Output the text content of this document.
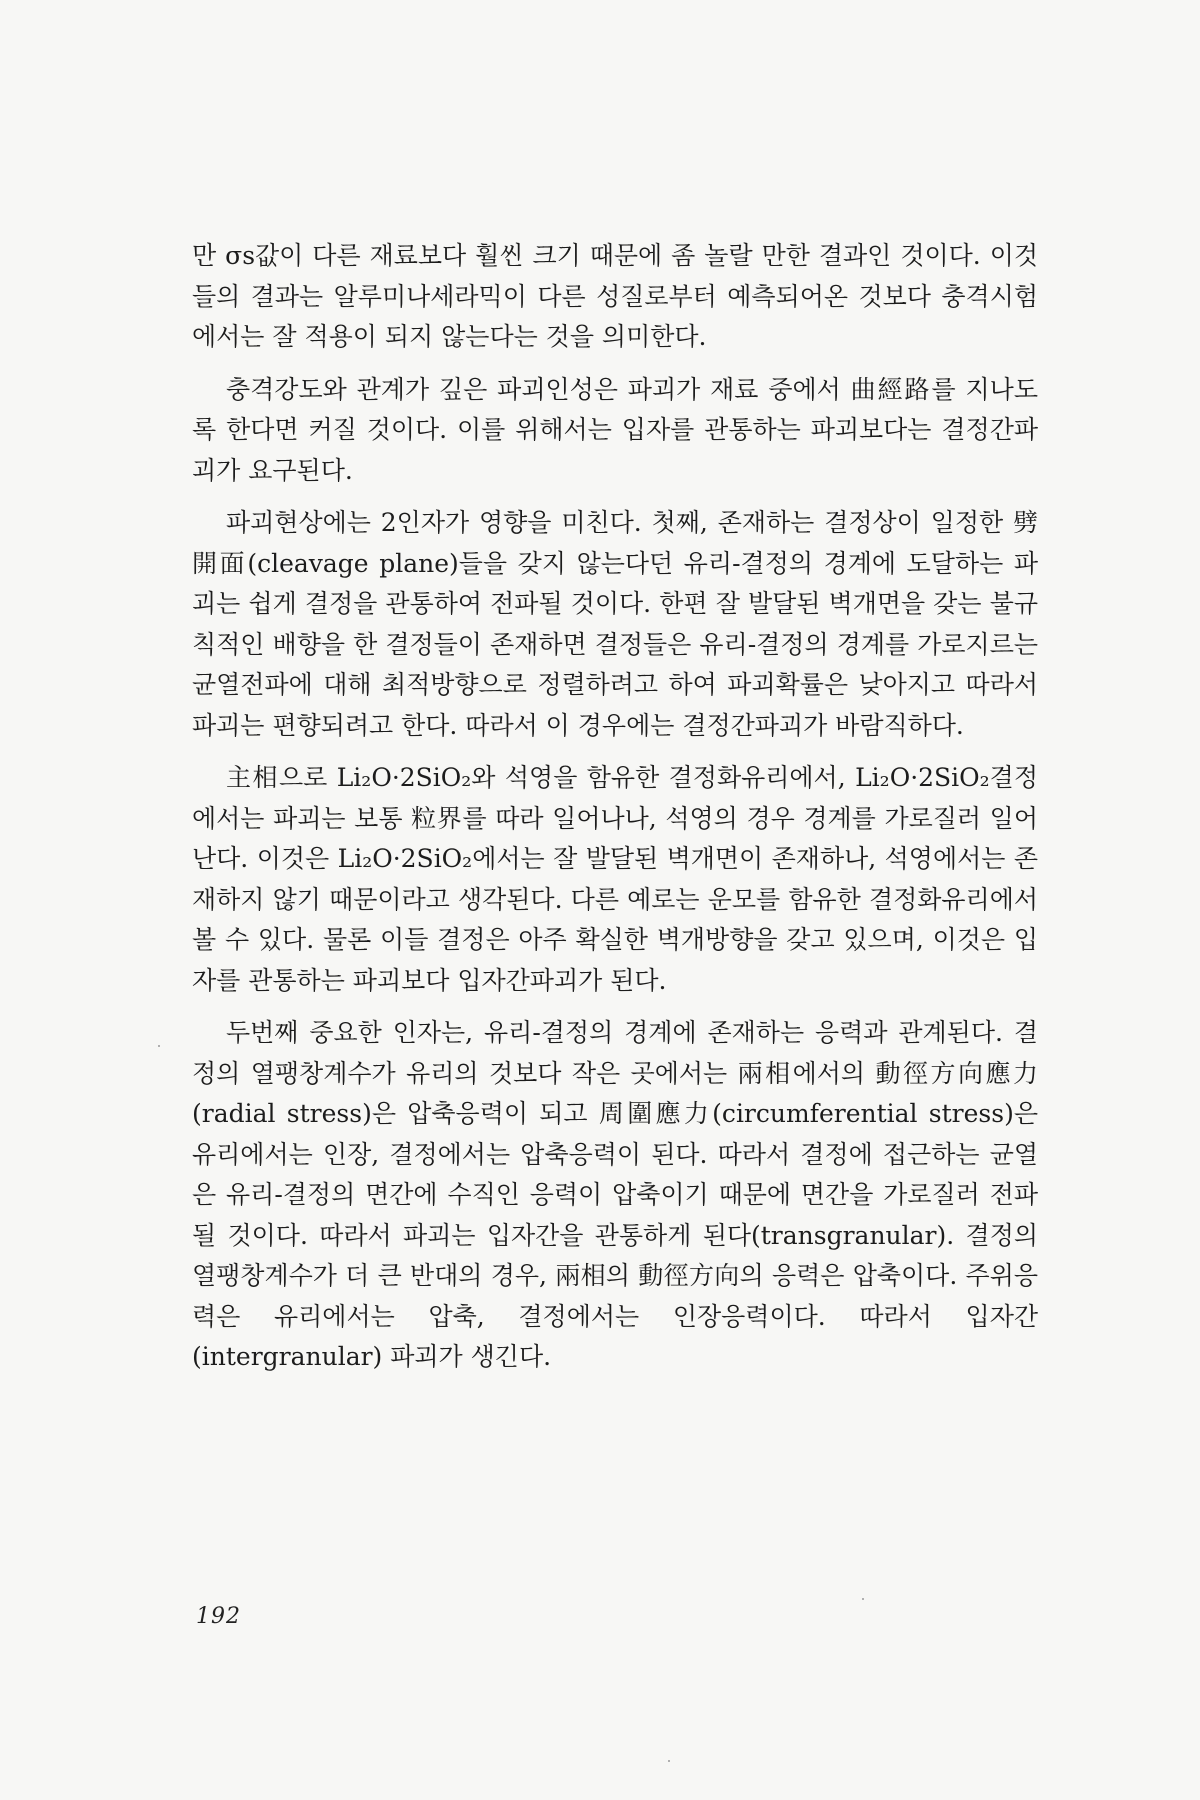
만 σs값이 다른 재료보다 훨씬 크기 때문에 좀 놀랄 만한 결과인 것이다. 이것들의 결과는 알루미나세라믹이 다른 성질로부터 예측되어온 것보다 충격시험에서는 잘 적용이 되지 않는다는 것을 의미한다.

충격강도와 관계가 깊은 파괴인성은 파괴가 재료 중에서 曲經路를 지나도록 한다면 커질 것이다. 이를 위해서는 입자를 관통하는 파괴보다는 결정간파괴가 요구된다.

파괴현상에는 2인자가 영향을 미친다. 첫째, 존재하는 결정상이 일정한 劈開面(cleavage plane)들을 갖지 않는다던 유리-결정의 경계에 도달하는 파괴는 쉽게 결정을 관통하여 전파될 것이다. 한편 잘 발달된 벽개면을 갖는 불규칙적인 배향을 한 결정들이 존재하면 결정들은 유리-결정의 경계를 가로지르는 균열전파에 대해 최적방향으로 정렬하려고 하여 파괴확률은 낮아지고 따라서 파괴는 편향되려고 한다. 따라서 이 경우에는 결정간파괴가 바람직하다.

主相으로 Li₂O·2SiO₂와 석영을 함유한 결정화유리에서, Li₂O·2SiO₂결정에서는 파괴는 보통 粒界를 따라 일어나나, 석영의 경우 경계를 가로질러 일어난다. 이것은 Li₂O·2SiO₂에서는 잘 발달된 벽개면이 존재하나, 석영에서는 존재하지 않기 때문이라고 생각된다. 다른 예로는 운모를 함유한 결정화유리에서 볼 수 있다. 물론 이들 결정은 아주 확실한 벽개방향을 갖고 있으며, 이것은 입자를 관통하는 파괴보다 입자간파괴가 된다.

두번째 중요한 인자는, 유리-결정의 경계에 존재하는 응력과 관계된다. 결정의 열팽창계수가 유리의 것보다 작은 곳에서는 兩相에서의 動徑方向應力(radial stress)은 압축응력이 되고 周圍應力(circumferential stress)은 유리에서는 인장, 결정에서는 압축응력이 된다. 따라서 결정에 접근하는 균열은 유리-결정의 면간에 수직인 응력이 압축이기 때문에 면간을 가로질러 전파될 것이다. 따라서 파괴는 입자간을 관통하게 된다(transgranular). 결정의 열팽창계수가 더 큰 반대의 경우, 兩相의 動徑方向의 응력은 압축이다. 주위응력은 유리에서는 압축, 결정에서는 인장응력이다. 따라서 입자간(intergranular) 파괴가 생긴다.

192
